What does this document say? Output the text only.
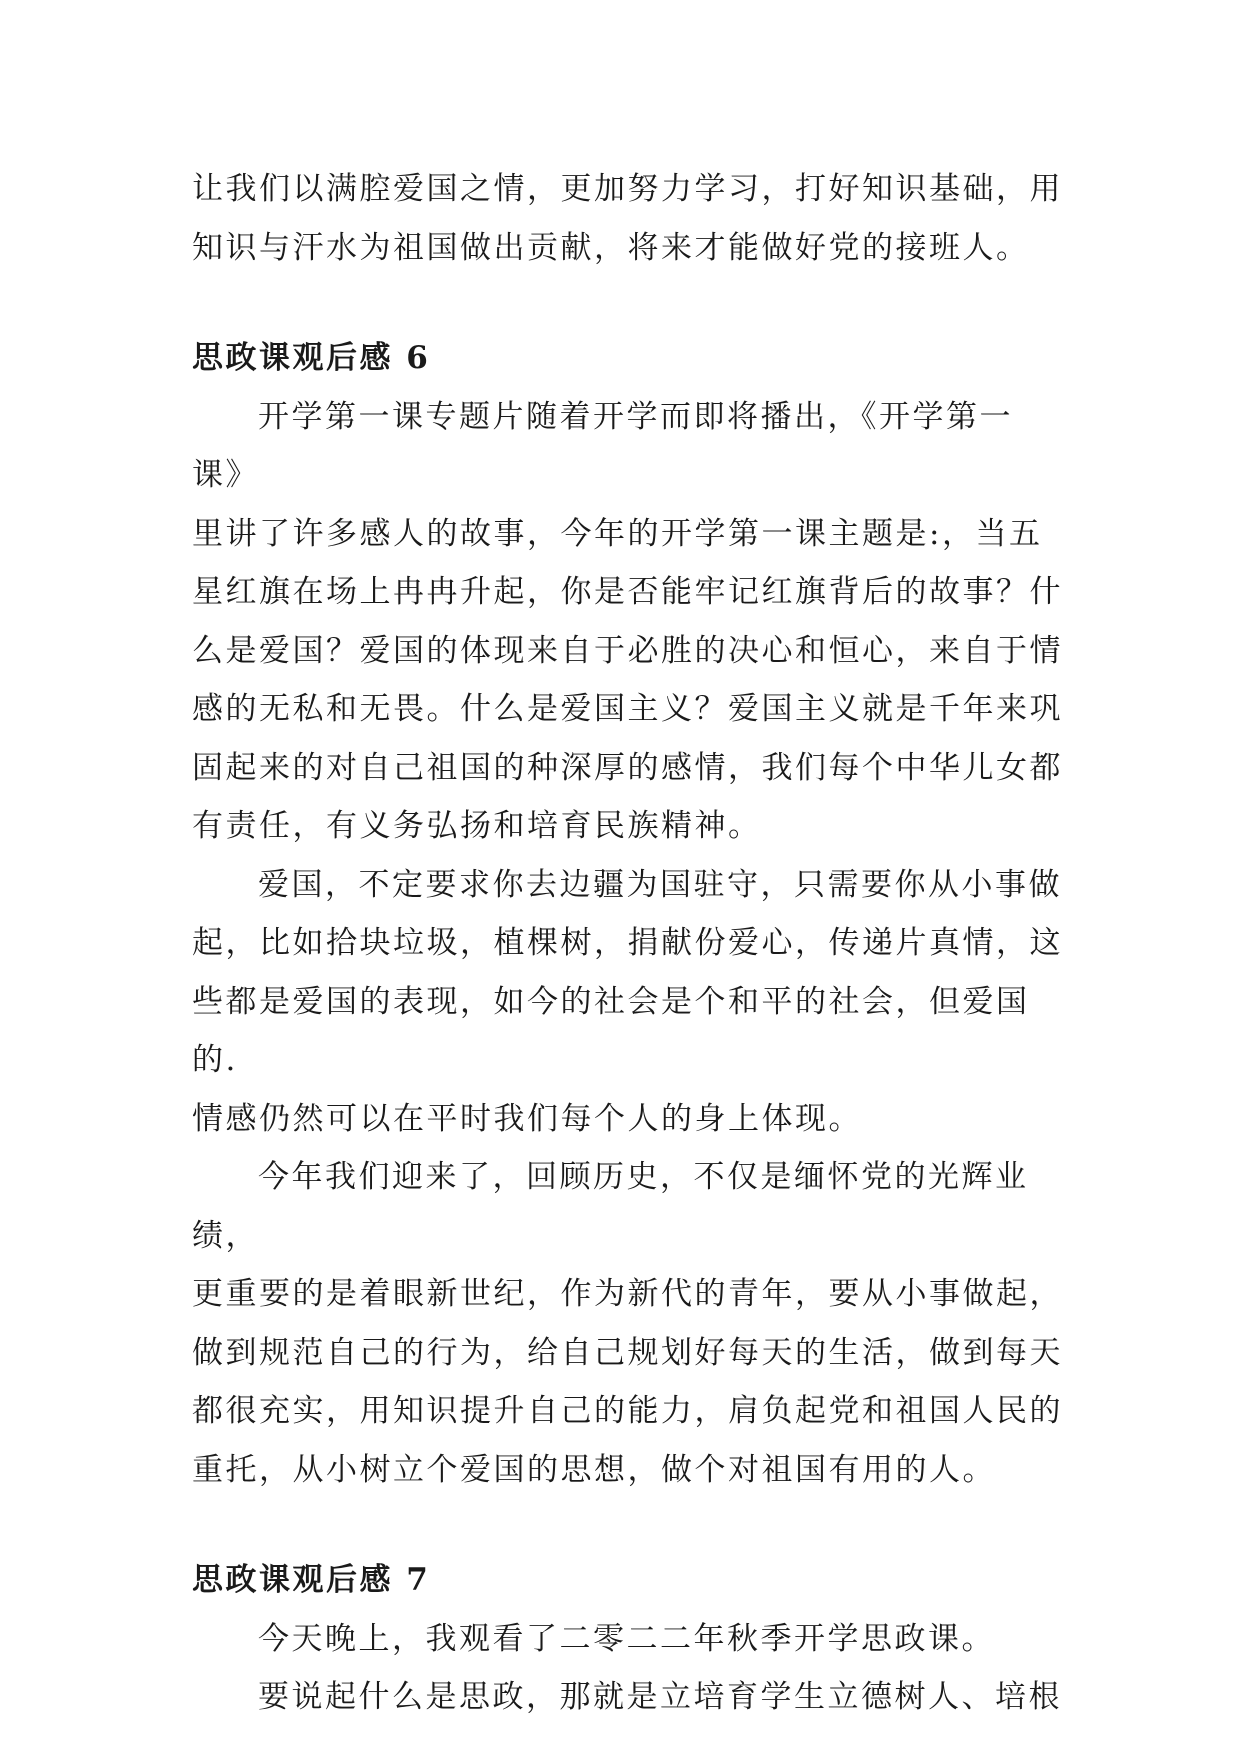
让我们以满腔爱国之情，更加努力学习，打好知识基础，用
知识与汗水为祖国做出贡献，将来才能做好党的接班人。

思政课观后感 6

开学第一课专题片随着开学而即将播出，《开学第一课》
里讲了许多感人的故事，今年的开学第一课主题是:，当五
星红旗在场上冉冉升起，你是否能牢记红旗背后的故事？什
么是爱国？爱国的体现来自于必胜的决心和恒心，来自于情
感的无私和无畏。什么是爱国主义？爱国主义就是千年来巩
固起来的对自己祖国的种深厚的感情，我们每个中华儿女都
有责任，有义务弘扬和培育民族精神。

爱国，不定要求你去边疆为国驻守，只需要你从小事做
起，比如拾块垃圾，植棵树，捐献份爱心，传递片真情，这
些都是爱国的表现，如今的社会是个和平的社会，但爱国的.
情感仍然可以在平时我们每个人的身上体现。

今年我们迎来了，回顾历史，不仅是缅怀党的光辉业绩，
更重要的是着眼新世纪，作为新代的青年，要从小事做起，
做到规范自己的行为，给自己规划好每天的生活，做到每天
都很充实，用知识提升自己的能力，肩负起党和祖国人民的
重托，从小树立个爱国的思想，做个对祖国有用的人。

思政课观后感 7

今天晚上，我观看了二零二二年秋季开学思政课。

要说起什么是思政，那就是立培育学生立德树人、培根
